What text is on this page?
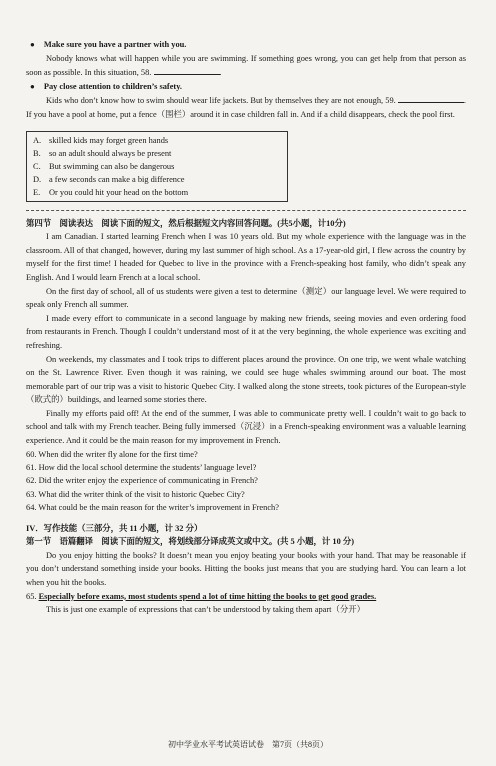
● Make sure you have a partner with you.

Nobody knows what will happen while you are swimming. If something goes wrong, you can get help from that person as soon as possible. In this situation, 58.	.

● Pay close attention to children’s safety.

Kids who don’t know how to swim should wear life jackets. But by themselves they are not enough, 59.	. If you have a pool at home, put a fence（围栏）around it in case children fall in. And if a child disappears, check the pool first.

A. skilled kids may forget green hands
B. so an adult should always be present
C. But swimming can also be dangerous
D. a few seconds can make a big difference
E.	Or you could hit your head on the bottom

第四节　阅读表达　阅读下面的短文，然后根据短文内容回答问题。(共5小题，计10分)

I am Canadian. I started learning French when I was 10 years old. But my whole experience with the language was in the classroom. All of that changed, however, during my last summer of high school. As a 17-year-old girl, I flew across the country by myself for the first time! I headed for Quebec to live in the province with a French-speaking host family, who didn’t speak any English. And I would learn French at a local school.

On the first day of school, all of us students were given a test to determine（测定）our language level. We were required to speak only French all summer.

I made every effort to communicate in a second language by making new friends, seeing movies and even ordering food from restaurants in French. Though I couldn’t understand most of it at the very beginning, the whole experience was exciting and refreshing.

On weekends, my classmates and I took trips to different places around the province. On one trip, we went whale watching on the St. Lawrence River. Even though it was raining, we could see huge whales swimming around our boat. The most memorable part of our trip was a visit to historic Quebec City. I walked along the stone streets, took pictures of the European-style（欧式的）buildings, and learned some stories there.

Finally my efforts paid off! At the end of the summer, I was able to communicate pretty well. I couldn’t wait to go back to school and talk with my French teacher. Being fully immersed（沉浸）in a French-speaking environment was a valuable learning experience. And it could be the main reason for my improvement in French.

60. When did the writer fly alone for the first time?

61. How did the local school determine the students’ language level?

62. Did the writer enjoy the experience of communicating in French?

63. What did the writer think of the visit to historic Quebec City?

64. What could be the main reason for the writer’s improvement in French?

IV．写作技能（三部分，共 11 小题，计 32 分）

第一节　语篇翻译　阅读下面的短文，将划线部分译成英文或中文。(共 5 小题，计 10 分)

Do you enjoy hitting the books? It doesn’t mean you enjoy beating your books with your hand. That may be reasonable if you don’t understand something inside your books. Hitting the books just means that you are studying hard. You can learn a lot when you hit the books.

65. Especially before exams, most students spend a lot of time hitting the books to get good grades.

This is just one example of expressions that can’t be understood by taking them apart（分开）

初中学业水平考试英语试卷　第7页（共8页）
